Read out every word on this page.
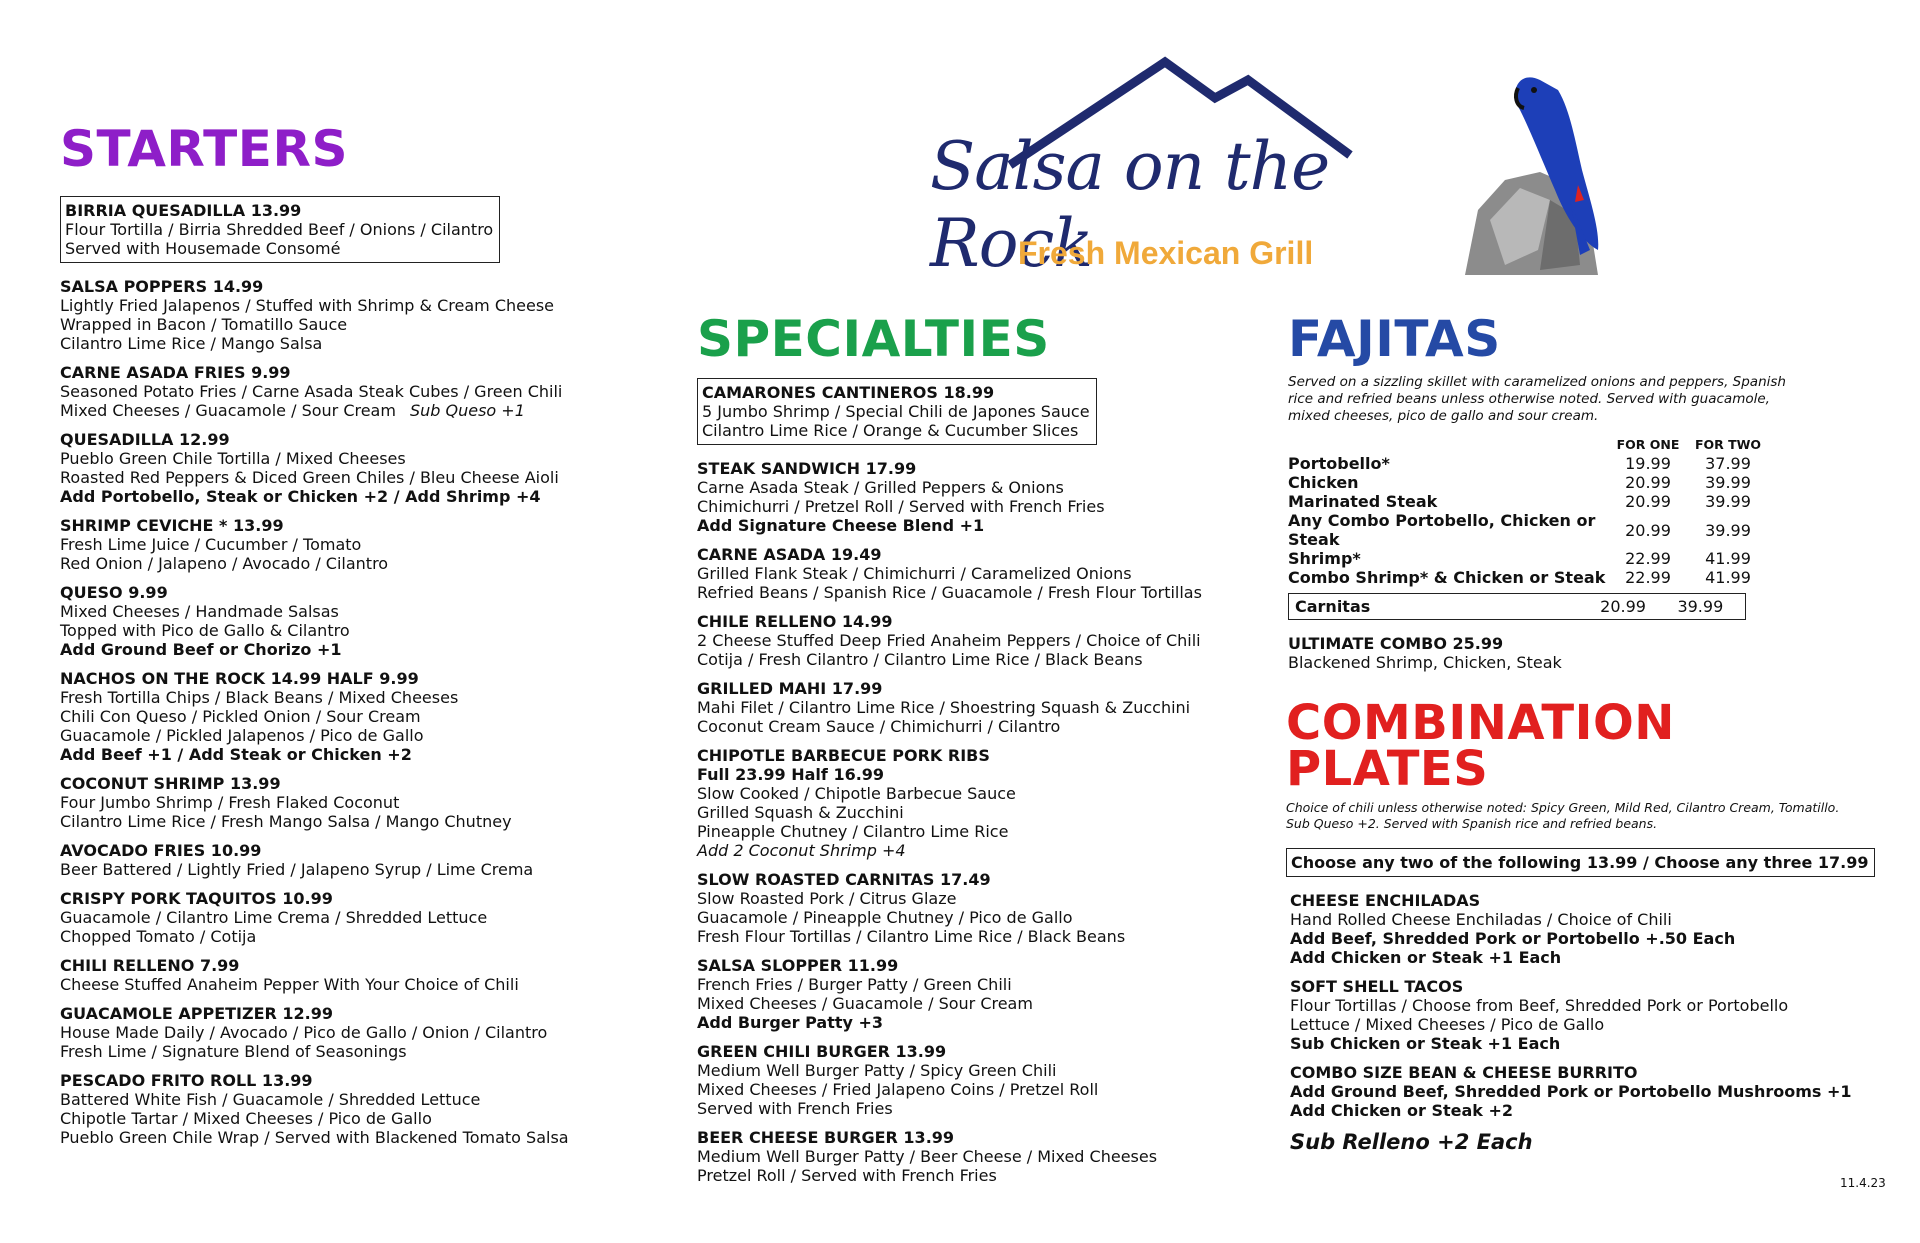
Salsa on the Rock
Fresh Mexican Grill
STARTERS
BIRRIA QUESADILLA 13.99
Flour Tortilla / Birria Shredded Beef / Onions / Cilantro
Served with Housemade Consomé
SALSA POPPERS 14.99
Lightly Fried Jalapenos / Stuffed with Shrimp & Cream Cheese
Wrapped in Bacon / Tomatillo Sauce
Cilantro Lime Rice / Mango Salsa
CARNE ASADA FRIES 9.99
Seasoned Potato Fries / Carne Asada Steak Cubes / Green Chili
Mixed Cheeses / Guacamole / Sour Cream Sub Queso +1
QUESADILLA 12.99
Pueblo Green Chile Tortilla / Mixed Cheeses
Roasted Red Peppers & Diced Green Chiles / Bleu Cheese Aioli
Add Portobello, Steak or Chicken +2 / Add Shrimp +4
SHRIMP CEVICHE * 13.99
Fresh Lime Juice / Cucumber / Tomato
Red Onion / Jalapeno / Avocado / Cilantro
QUESO 9.99
Mixed Cheeses / Handmade Salsas
Topped with Pico de Gallo & Cilantro
Add Ground Beef or Chorizo +1
NACHOS ON THE ROCK 14.99 HALF 9.99
Fresh Tortilla Chips / Black Beans / Mixed Cheeses
Chili Con Queso / Pickled Onion / Sour Cream
Guacamole / Pickled Jalapenos / Pico de Gallo
Add Beef +1 / Add Steak or Chicken +2
COCONUT SHRIMP 13.99
Four Jumbo Shrimp / Fresh Flaked Coconut
Cilantro Lime Rice / Fresh Mango Salsa / Mango Chutney
AVOCADO FRIES 10.99
Beer Battered / Lightly Fried / Jalapeno Syrup / Lime Crema
CRISPY PORK TAQUITOS 10.99
Guacamole / Cilantro Lime Crema / Shredded Lettuce
Chopped Tomato / Cotija
CHILI RELLENO 7.99
Cheese Stuffed Anaheim Pepper With Your Choice of Chili
GUACAMOLE APPETIZER 12.99
House Made Daily / Avocado / Pico de Gallo / Onion / Cilantro
Fresh Lime / Signature Blend of Seasonings
PESCADO FRITO ROLL 13.99
Battered White Fish / Guacamole / Shredded Lettuce
Chipotle Tartar / Mixed Cheeses / Pico de Gallo
Pueblo Green Chile Wrap / Served with Blackened Tomato Salsa
SPECIALTIES
CAMARONES CANTINEROS 18.99
5 Jumbo Shrimp / Special Chili de Japones Sauce
Cilantro Lime Rice / Orange & Cucumber Slices
STEAK SANDWICH 17.99
Carne Asada Steak / Grilled Peppers & Onions
Chimichurri / Pretzel Roll / Served with French Fries
Add Signature Cheese Blend +1
CARNE ASADA 19.49
Grilled Flank Steak / Chimichurri / Caramelized Onions
Refried Beans / Spanish Rice / Guacamole / Fresh Flour Tortillas
CHILE RELLENO 14.99
2 Cheese Stuffed Deep Fried Anaheim Peppers / Choice of Chili
Cotija / Fresh Cilantro / Cilantro Lime Rice / Black Beans
GRILLED MAHI 17.99
Mahi Filet / Cilantro Lime Rice / Shoestring Squash & Zucchini
Coconut Cream Sauce / Chimichurri / Cilantro
CHIPOTLE BARBECUE PORK RIBS
Full 23.99 Half 16.99
Slow Cooked / Chipotle Barbecue Sauce
Grilled Squash & Zucchini
Pineapple Chutney / Cilantro Lime Rice
Add 2 Coconut Shrimp +4
SLOW ROASTED CARNITAS 17.49
Slow Roasted Pork / Citrus Glaze
Guacamole / Pineapple Chutney / Pico de Gallo
Fresh Flour Tortillas / Cilantro Lime Rice / Black Beans
SALSA SLOPPER 11.99
French Fries / Burger Patty / Green Chili
Mixed Cheeses / Guacamole / Sour Cream
Add Burger Patty +3
GREEN CHILI BURGER 13.99
Medium Well Burger Patty / Spicy Green Chili
Mixed Cheeses / Fried Jalapeno Coins / Pretzel Roll
Served with French Fries
BEER CHEESE BURGER 13.99
Medium Well Burger Patty / Beer Cheese / Mixed Cheeses
Pretzel Roll / Served with French Fries
FAJITAS
Served on a sizzling skillet with caramelized onions and peppers, Spanish rice and refried beans unless otherwise noted. Served with guacamole, mixed cheeses, pico de gallo and sour cream.
	FOR ONE	FOR TWO
Portobello*	19.99	37.99
Chicken	20.99	39.99
Marinated Steak	20.99	39.99
Any Combo Portobello, Chicken or Steak	20.99	39.99
Shrimp*	22.99	41.99
Combo Shrimp* & Chicken or Steak	22.99	41.99
Carnitas	20.99	39.99
ULTIMATE COMBO 25.99
Blackened Shrimp, Chicken, Steak
COMBINATION
PLATES
Choice of chili unless otherwise noted: Spicy Green, Mild Red, Cilantro Cream, Tomatillo. Sub Queso +2. Served with Spanish rice and refried beans.
Choose any two of the following 13.99 / Choose any three 17.99
CHEESE ENCHILADAS
Hand Rolled Cheese Enchiladas / Choice of Chili
Add Beef, Shredded Pork or Portobello +.50 Each
Add Chicken or Steak +1 Each
SOFT SHELL TACOS
Flour Tortillas / Choose from Beef, Shredded Pork or Portobello
Lettuce / Mixed Cheeses / Pico de Gallo
Sub Chicken or Steak +1 Each
COMBO SIZE BEAN & CHEESE BURRITO
Add Ground Beef, Shredded Pork or Portobello Mushrooms +1
Add Chicken or Steak +2
Sub Relleno +2 Each
11.4.23
